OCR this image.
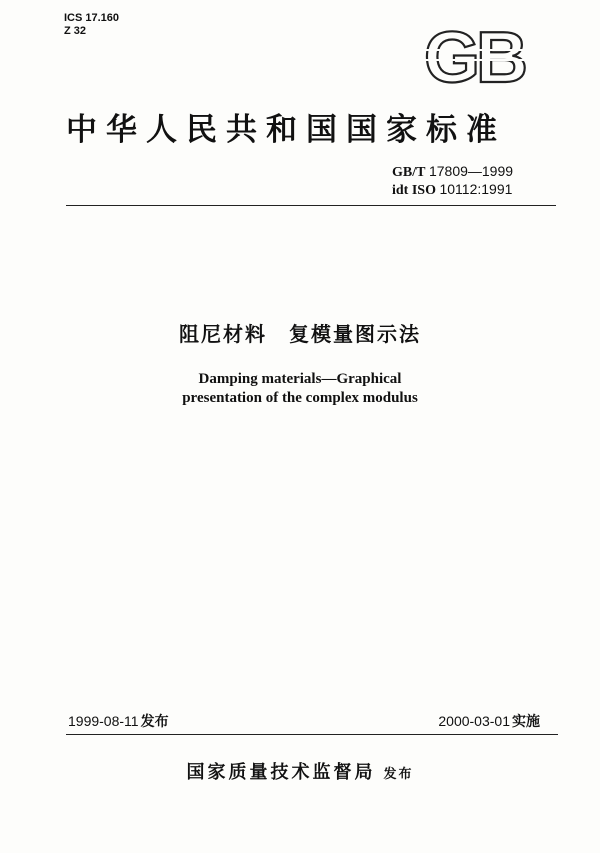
ICS 17.160
Z 32	GB
中华人民共和国国家标准
GB/T 17809—1999
idt ISO 10112:1991
阻尼材料　复模量图示法
Damping materials—Graphical
presentation of the complex modulus
1999-08-11 发布	2000-03-01 实施
国家质量技术监督局 发布
